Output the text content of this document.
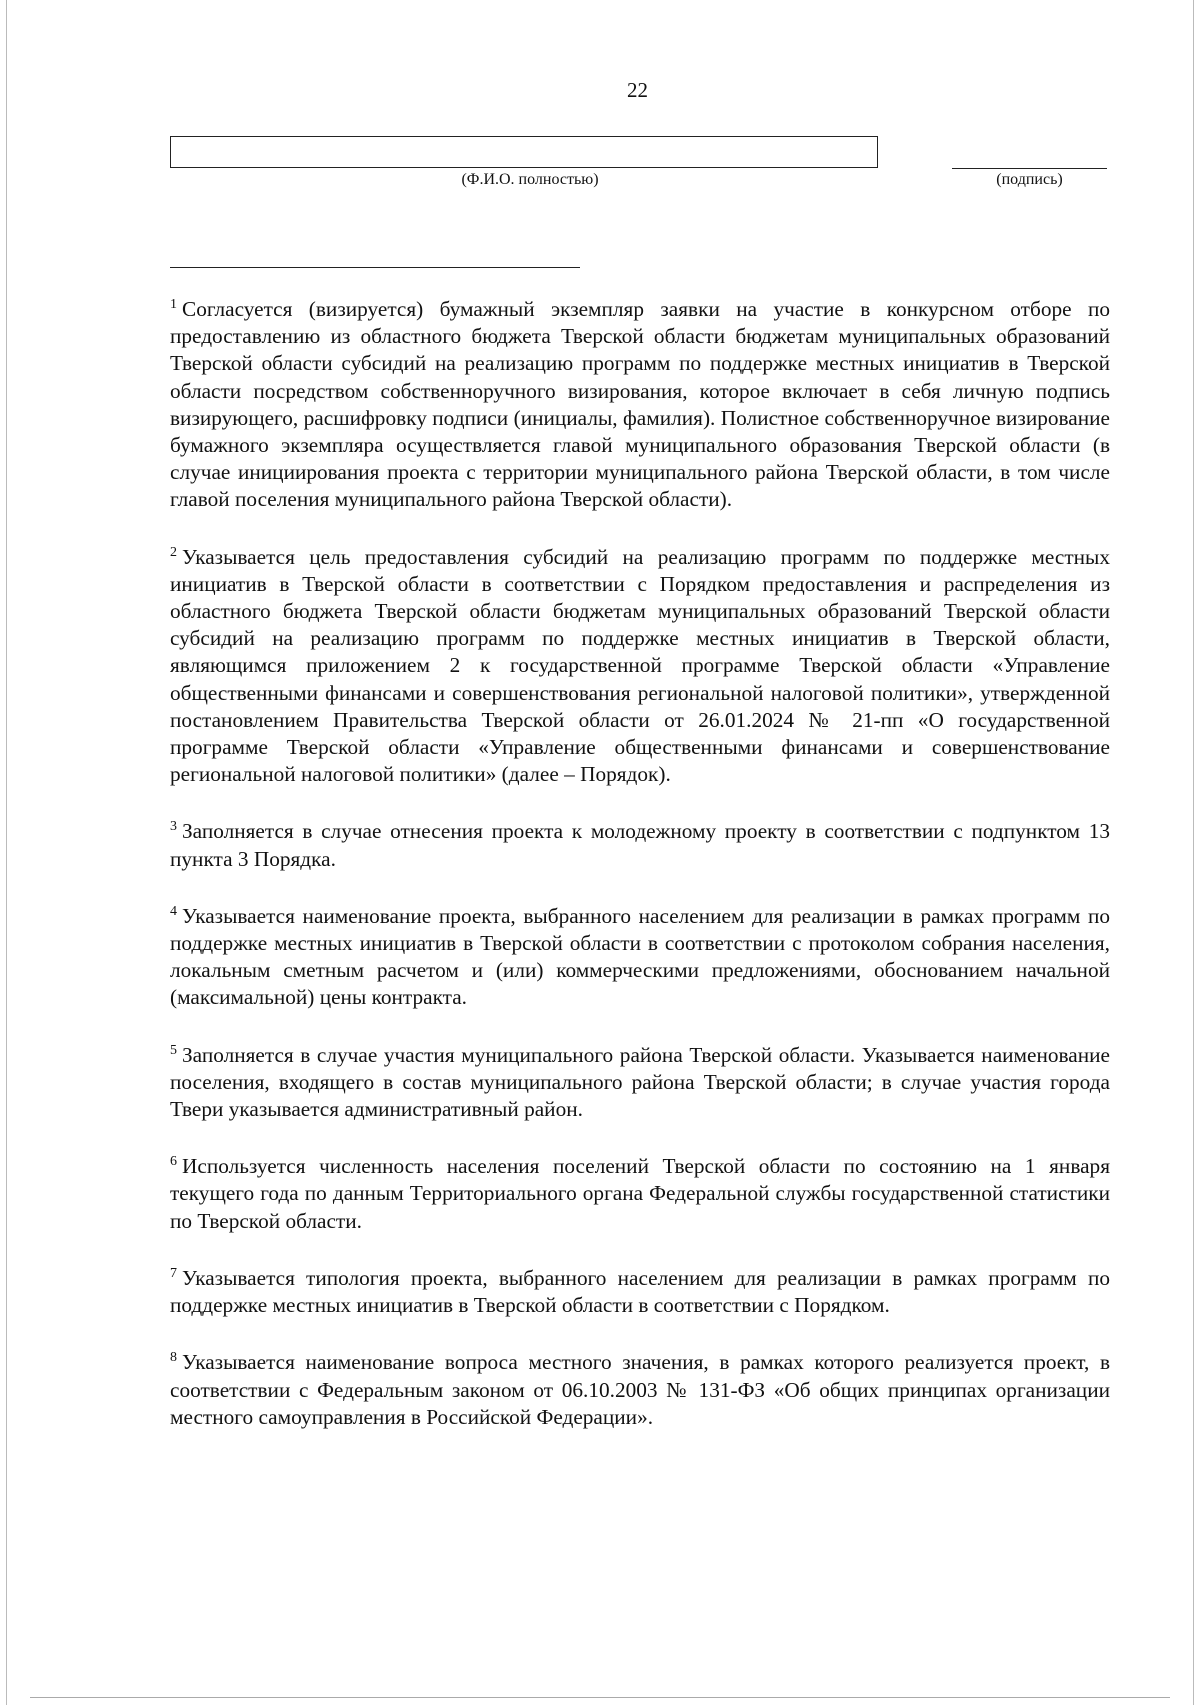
22
(Ф.И.О. полностью)	(подпись)

$^1$ Согласуется (визируется) бумажный экземпляр заявки на участие в конкурсном отборе по предоставлению из областного бюджета Тверской области бюджетам муниципальных образований Тверской области субсидий на реализацию программ по поддержке местных инициатив в Тверской области посредством собственноручного визирования, которое включает в себя личную подпись визирующего, расшифровку подписи (инициалы, фамилия). Полистное собственноручное визирование бумажного экземпляра осуществляется главой муниципального образования Тверской области (в случае инициирования проекта с территории муниципального района Тверской области, в том числе главой поселения муниципального района Тверской области).

$^2$ Указывается цель предоставления субсидий на реализацию программ по поддержке местных инициатив в Тверской области в соответствии с Порядком предоставления и распределения из областного бюджета Тверской области бюджетам муниципальных образований Тверской области субсидий на реализацию программ по поддержке местных инициатив в Тверской области, являющимся приложением 2 к государственной программе Тверской области «Управление общественными финансами и совершенствования региональной налоговой политики», утвержденной постановлением Правительства Тверской области от 26.01.2024 № 21-пп «О государственной программе Тверской области «Управление общественными финансами и совершенствование региональной налоговой политики» (далее – Порядок).

$^3$ Заполняется в случае отнесения проекта к молодежному проекту в соответствии с подпунктом 13 пункта 3 Порядка.

$^4$ Указывается наименование проекта, выбранного населением для реализации в рамках программ по поддержке местных инициатив в Тверской области в соответствии с протоколом собрания населения, локальным сметным расчетом и (или) коммерческими предложениями, обоснованием начальной (максимальной) цены контракта.

$^5$ Заполняется в случае участия муниципального района Тверской области. Указывается наименование поселения, входящего в состав муниципального района Тверской области; в случае участия города Твери указывается административный район.

$^6$ Используется численность населения поселений Тверской области по состоянию на 1 января текущего года по данным Территориального органа Федеральной службы государственной статистики по Тверской области.

$^7$ Указывается типология проекта, выбранного населением для реализации в рамках программ по поддержке местных инициатив в Тверской области в соответствии с Порядком.

$^8$ Указывается наименование вопроса местного значения, в рамках которого реализуется проект, в соответствии с Федеральным законом от 06.10.2003 № 131-ФЗ «Об общих принципах организации местного самоуправления в Российской Федерации».
